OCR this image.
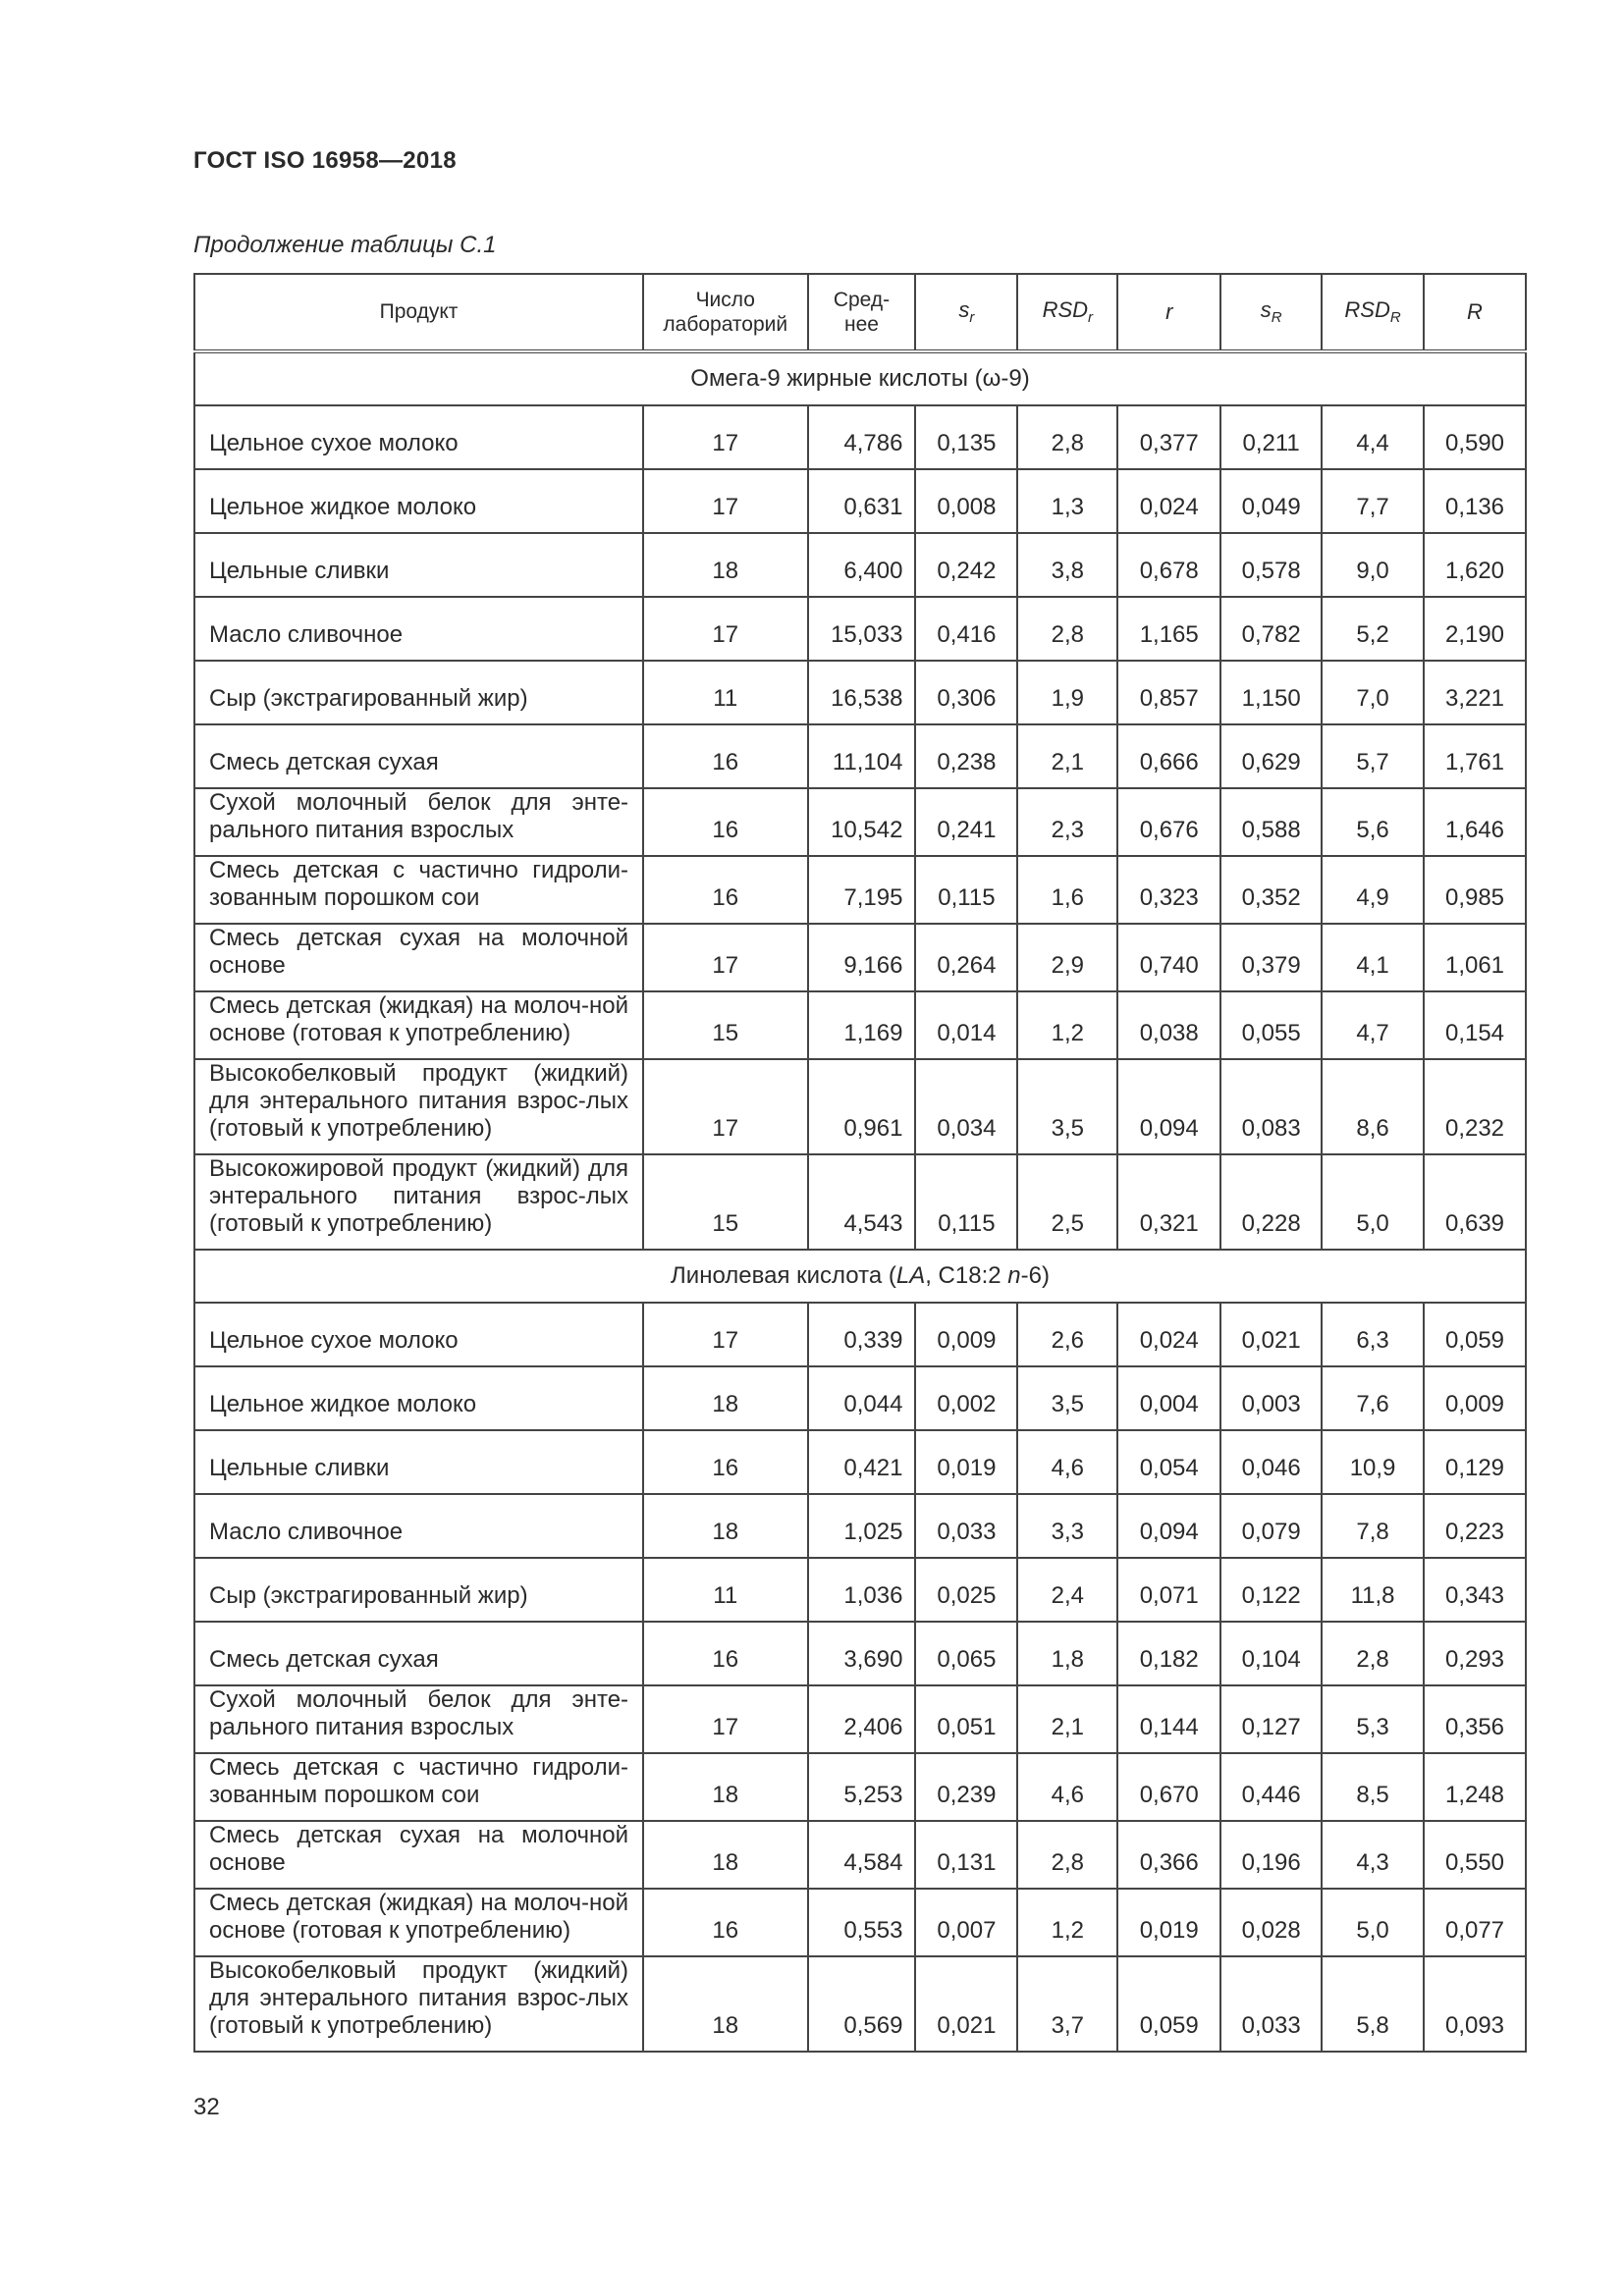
ГОСТ ISO 16958—2018
Продолжение таблицы С.1
Продукт	Число лабораторий	Сред-нее	$s_r$	$RSD_r$	r	$s_R$	$RSD_R$	R
Омега-9 жирные кислоты (ω-9)								
Цельное сухое молоко	17	4,786	0,135	2,8	0,377	0,211	4,4	0,590
Цельное жидкое молоко	17	0,631	0,008	1,3	0,024	0,049	7,7	0,136
Цельные сливки	18	6,400	0,242	3,8	0,678	0,578	9,0	1,620
Масло сливочное	17	15,033	0,416	2,8	1,165	0,782	5,2	2,190
Сыр (экстрагированный жир)	11	16,538	0,306	1,9	0,857	1,150	7,0	3,221
Смесь детская сухая	16	11,104	0,238	2,1	0,666	0,629	5,7	1,761
Сухой молочный белок для энте-рального питания взрослых	16	10,542	0,241	2,3	0,676	0,588	5,6	1,646
Смесь детская с частично гидроли-зованным порошком сои	16	7,195	0,115	1,6	0,323	0,352	4,9	0,985
Смесь детская сухая на молочной основе	17	9,166	0,264	2,9	0,740	0,379	4,1	1,061
Смесь детская (жидкая) на молоч-ной основе (готовая к употреблению)	15	1,169	0,014	1,2	0,038	0,055	4,7	0,154
Высокобелковый продукт (жидкий) для энтерального питания взрос-лых (готовый к употреблению)	17	0,961	0,034	3,5	0,094	0,083	8,6	0,232
Высокожировой продукт (жидкий) для энтерального питания взрос-лых (готовый к употреблению)	15	4,543	0,115	2,5	0,321	0,228	5,0	0,639
Линолевая кислота (LA, C18:2 n-6)								
Цельное сухое молоко	17	0,339	0,009	2,6	0,024	0,021	6,3	0,059
Цельное жидкое молоко	18	0,044	0,002	3,5	0,004	0,003	7,6	0,009
Цельные сливки	16	0,421	0,019	4,6	0,054	0,046	10,9	0,129
Масло сливочное	18	1,025	0,033	3,3	0,094	0,079	7,8	0,223
Сыр (экстрагированный жир)	11	1,036	0,025	2,4	0,071	0,122	11,8	0,343
Смесь детская сухая	16	3,690	0,065	1,8	0,182	0,104	2,8	0,293
Сухой молочный белок для энте-рального питания взрослых	17	2,406	0,051	2,1	0,144	0,127	5,3	0,356
Смесь детская с частично гидроли-зованным порошком сои	18	5,253	0,239	4,6	0,670	0,446	8,5	1,248
Смесь детская сухая на молочной основе	18	4,584	0,131	2,8	0,366	0,196	4,3	0,550
Смесь детская (жидкая) на молоч-ной основе (готовая к употреблению)	16	0,553	0,007	1,2	0,019	0,028	5,0	0,077
Высокобелковый продукт (жидкий) для энтерального питания взрос-лых (готовый к употреблению)	18	0,569	0,021	3,7	0,059	0,033	5,8	0,093
32
